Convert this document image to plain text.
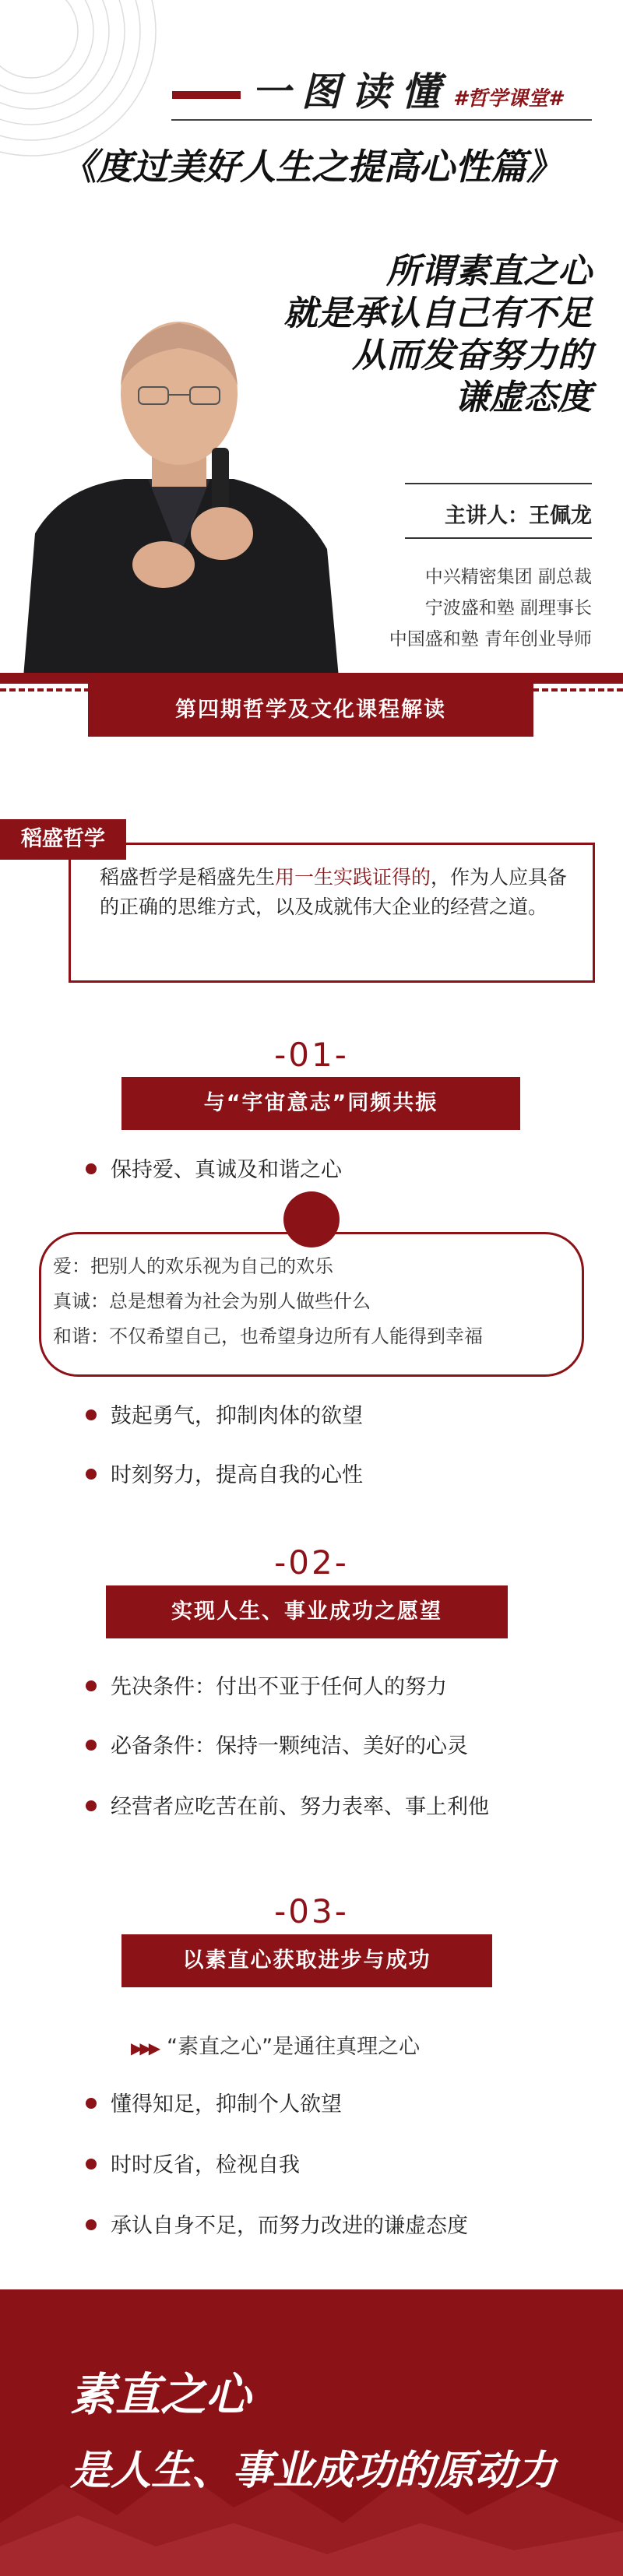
一图读懂 #哲学课堂#
《度过美好人生之提高心性篇》
所谓素直之心
就是承认自己有不足
从而发奋努力的
谦虚态度
主讲人：王佩龙
中兴精密集团 副总裁
宁波盛和塾 副理事长
中国盛和塾 青年创业导师
第四期哲学及文化课程解读
稻盛哲学
稻盛哲学是稻盛先生用一生实践证得的，作为人应具备的正确的思维方式，以及成就伟大企业的经营之道。
-01-
与“宇宙意志”同频共振
保持爱、真诚及和谐之心
爱：把别人的欢乐视为自己的欢乐
真诚：总是想着为社会为别人做些什么
和谐：不仅希望自己，也希望身边所有人能得到幸福
鼓起勇气，抑制肉体的欲望
时刻努力，提高自我的心性
-02-
实现人生、事业成功之愿望
先决条件：付出不亚于任何人的努力
必备条件：保持一颗纯洁、美好的心灵
经营者应吃苦在前、努力表率、事上利他
-03-
以素直心获取进步与成功
▶▶▶ “素直之心”是通往真理之心
懂得知足，抑制个人欲望
时时反省，检视自我
承认自身不足，而努力改进的谦虚态度
素直之心
是人生、事业成功的原动力
